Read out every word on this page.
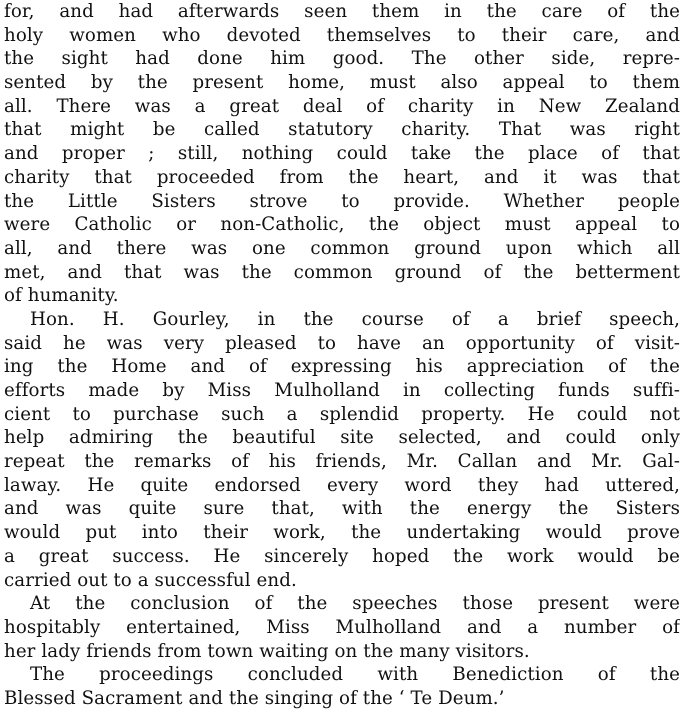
for, and had afterwards seen them in the care of the
holy women who devoted themselves to their care, and
the sight had done him good. The other side, repre-
sented by the present home, must also appeal to them
all. There was a great deal of charity in New Zealand
that might be called statutory charity. That was right
and proper ; still, nothing could take the place of that
charity that proceeded from the heart, and it was that
the Little Sisters strove to provide. Whether people
were Catholic or non-Catholic, the object must appeal to
all, and there was one common ground upon which all
met, and that was the common ground of the betterment
of humanity.
Hon. H. Gourley, in the course of a brief speech,
said he was very pleased to have an opportunity of visit-
ing the Home and of expressing his appreciation of the
efforts made by Miss Mulholland in collecting funds suffi-
cient to purchase such a splendid property. He could not
help admiring the beautiful site selected, and could only
repeat the remarks of his friends, Mr. Callan and Mr. Gal-
laway. He quite endorsed every word they had uttered,
and was quite sure that, with the energy the Sisters
would put into their work, the undertaking would prove
a great success. He sincerely hoped the work would be
carried out to a successful end.
At the conclusion of the speeches those present were
hospitably entertained, Miss Mulholland and a number of
her lady friends from town waiting on the many visitors.
The proceedings concluded with Benediction of the
Blessed Sacrament and the singing of the ‘ Te Deum.’
